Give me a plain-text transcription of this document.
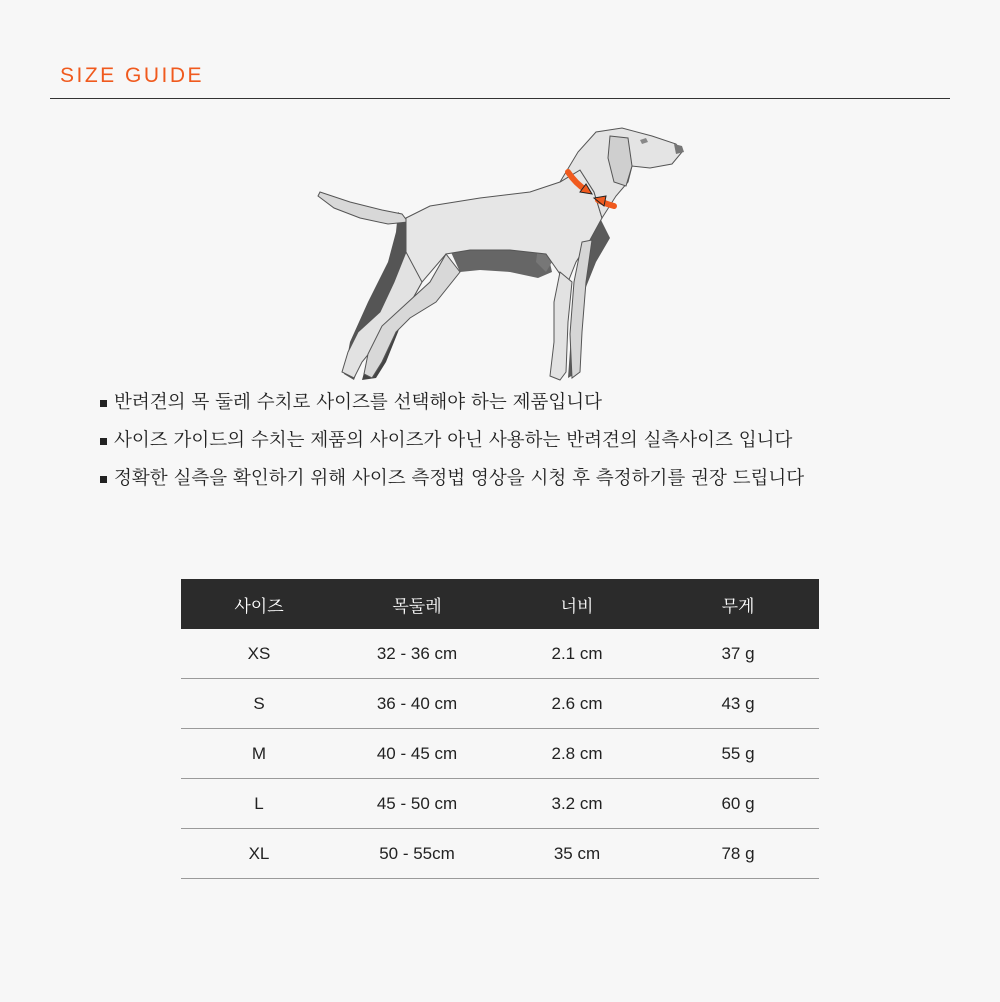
SIZE GUIDE
반려견의 목 둘레 수치로 사이즈를 선택해야 하는 제품입니다
사이즈 가이드의 수치는 제품의 사이즈가 아닌 사용하는 반려견의 실측사이즈 입니다
정확한 실측을 확인하기 위해 사이즈 측정법 영상을 시청 후 측정하기를 권장 드립니다
사이즈	목둘레	너비	무게
XS	32 - 36 cm	2.1 cm	37 g
S	36 - 40 cm	2.6 cm	43 g
M	40 - 45 cm	2.8 cm	55 g
L	45 - 50 cm	3.2 cm	60 g
XL	50 - 55cm	35 cm	78 g
